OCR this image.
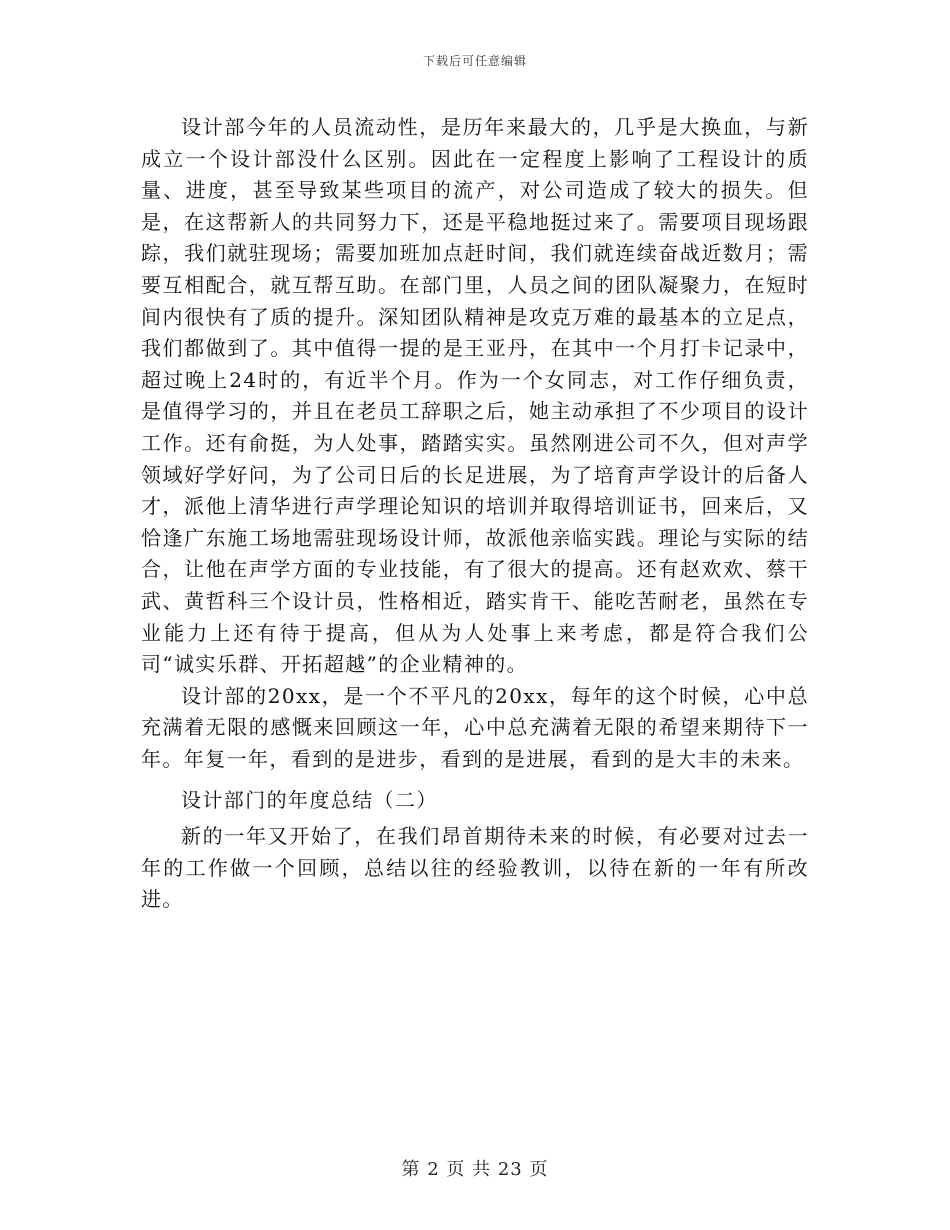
下载后可任意编辑

设计部今年的人员流动性，是历年来最大的，几乎是大换血，与新成立一个设计部没什么区别。因此在一定程度上影响了工程设计的质量、进度，甚至导致某些项目的流产，对公司造成了较大的损失。但是，在这帮新人的共同努力下，还是平稳地挺过来了。需要项目现场跟踪，我们就驻现场；需要加班加点赶时间，我们就连续奋战近数月；需要互相配合，就互帮互助。在部门里，人员之间的团队凝聚力，在短时间内很快有了质的提升。深知团队精神是攻克万难的最基本的立足点，我们都做到了。其中值得一提的是王亚丹，在其中一个月打卡记录中，超过晚上24时的，有近半个月。作为一个女同志，对工作仔细负责，是值得学习的，并且在老员工辞职之后，她主动承担了不少项目的设计工作。还有俞挺，为人处事，踏踏实实。虽然刚进公司不久，但对声学领域好学好问，为了公司日后的长足进展，为了培育声学设计的后备人才，派他上清华进行声学理论知识的培训并取得培训证书，回来后，又恰逢广东施工场地需驻现场设计师，故派他亲临实践。理论与实际的结合，让他在声学方面的专业技能，有了很大的提高。还有赵欢欢、蔡干武、黄哲科三个设计员，性格相近，踏实肯干、能吃苦耐老，虽然在专业能力上还有待于提高，但从为人处事上来考虑，都是符合我们公司“诚实乐群、开拓超越”的企业精神的。

设计部的20xx，是一个不平凡的20xx，每年的这个时候，心中总充满着无限的感慨来回顾这一年，心中总充满着无限的希望来期待下一年。年复一年，看到的是进步，看到的是进展，看到的是大丰的未来。

设计部门的年度总结（二）

新的一年又开始了，在我们昂首期待未来的时候，有必要对过去一年的工作做一个回顾，总结以往的经验教训，以待在新的一年有所改进。

第 2 页 共 23 页
